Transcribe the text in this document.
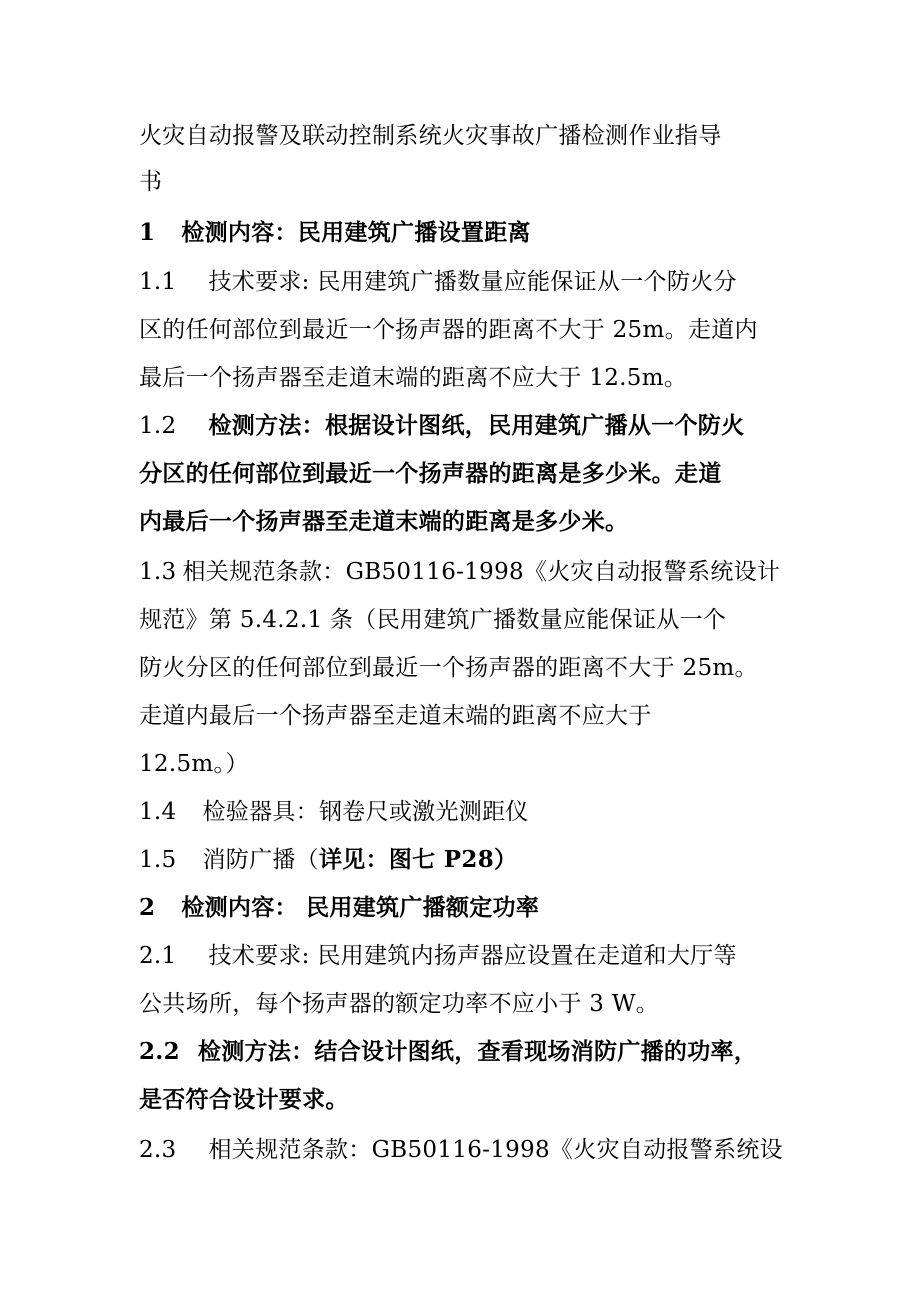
火灾自动报警及联动控制系统火灾事故广播检测作业指导
书
1 检测内容：民用建筑广播设置距离
1.1 技术要求: 民用建筑广播数量应能保证从一个防火分
区的任何部位到最近一个扬声器的距离不大于 25m。走道内
最后一个扬声器至走道末端的距离不应大于 12.5m。
1.2 检测方法：根据设计图纸，民用建筑广播从一个防火
分区的任何部位到最近一个扬声器的距离是多少米。走道
内最后一个扬声器至走道末端的距离是多少米。
1.3 相关规范条款：GB50116-1998《火灾自动报警系统设计
规范》第 5.4.2.1 条（民用建筑广播数量应能保证从一个
防火分区的任何部位到最近一个扬声器的距离不大于 25m。
走道内最后一个扬声器至走道末端的距离不应大于
12.5m。）
1.4 检验器具：钢卷尺或激光测距仪
1.5 消防广播（详见：图七 P28）
2 检测内容： 民用建筑广播额定功率
2.1 技术要求: 民用建筑内扬声器应设置在走道和大厅等
公共场所，每个扬声器的额定功率不应小于 3 W。
2.2 检测方法：结合设计图纸，查看现场消防广播的功率，
是否符合设计要求。
2.3 相关规范条款：GB50116-1998《火灾自动报警系统设
